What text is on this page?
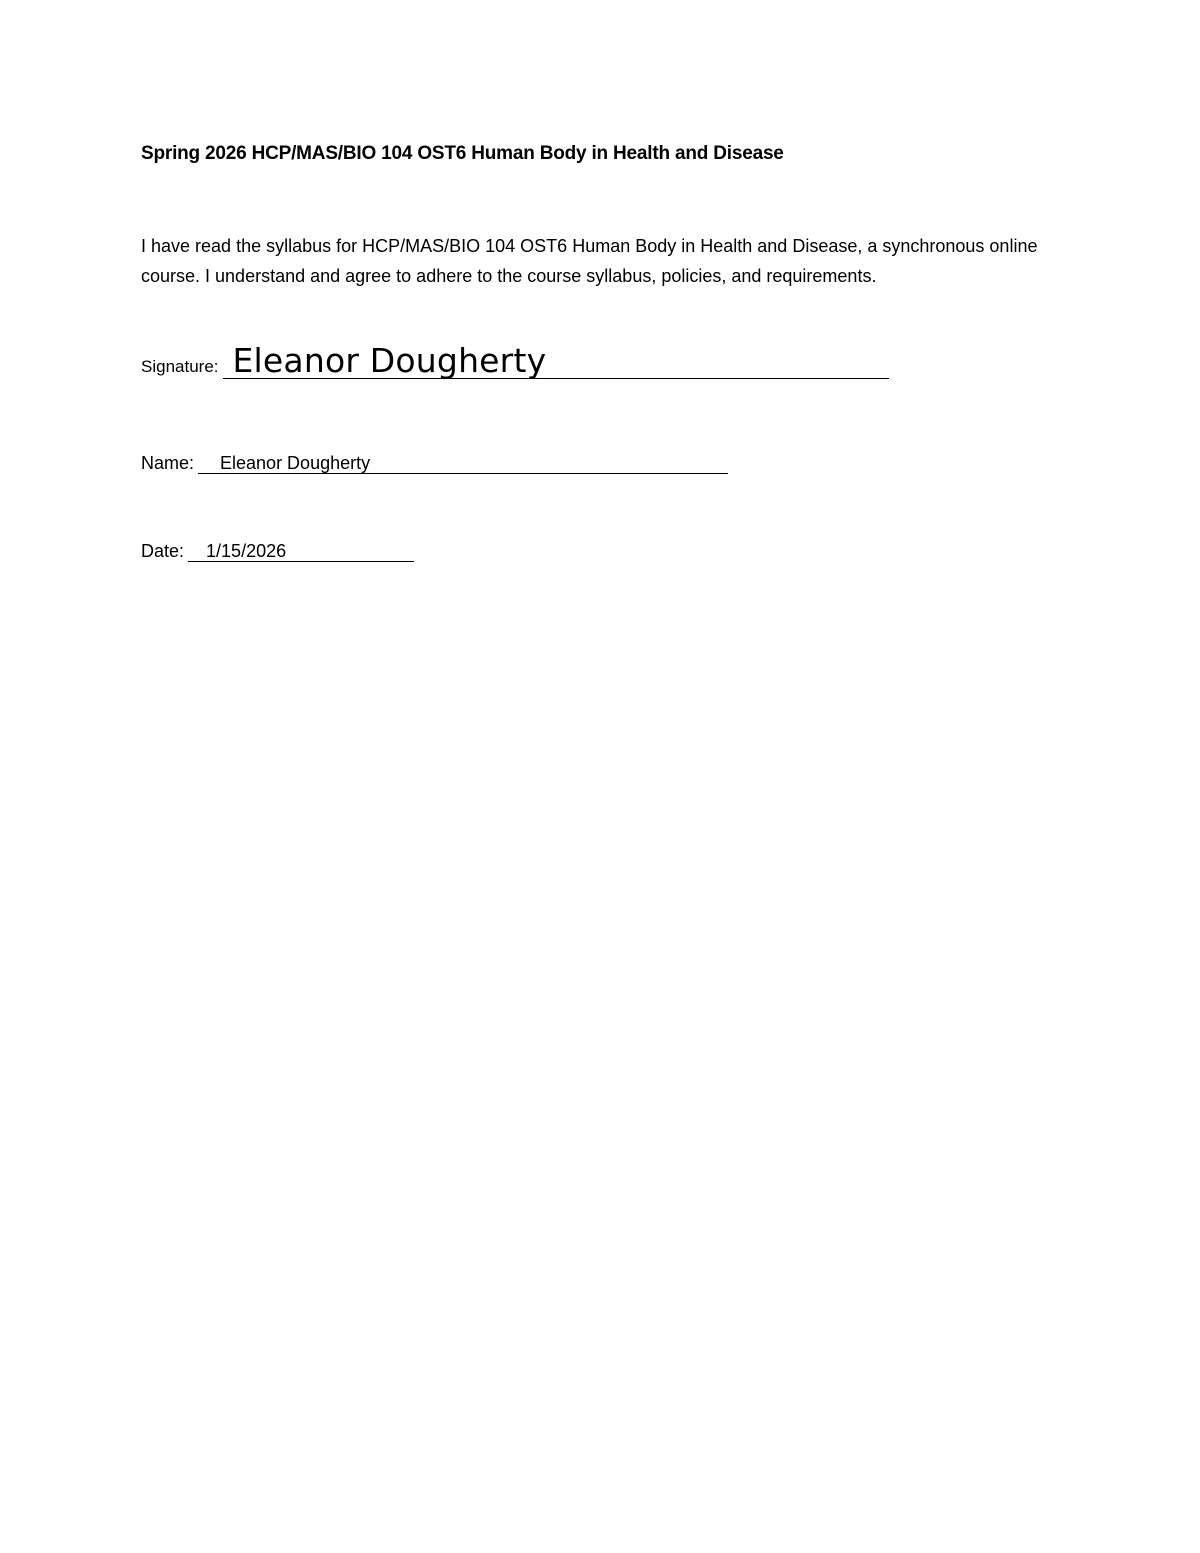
Spring 2026 HCP/MAS/BIO 104 OST6 Human Body in Health and Disease

I have read the syllabus for HCP/MAS/BIO 104 OST6 Human Body in Health and Disease, a synchronous online course. I understand and agree to adhere to the course syllabus, policies, and requirements.

Signature: Eleanor Dougherty
Name: Eleanor Dougherty
Date: 1/15/2026
